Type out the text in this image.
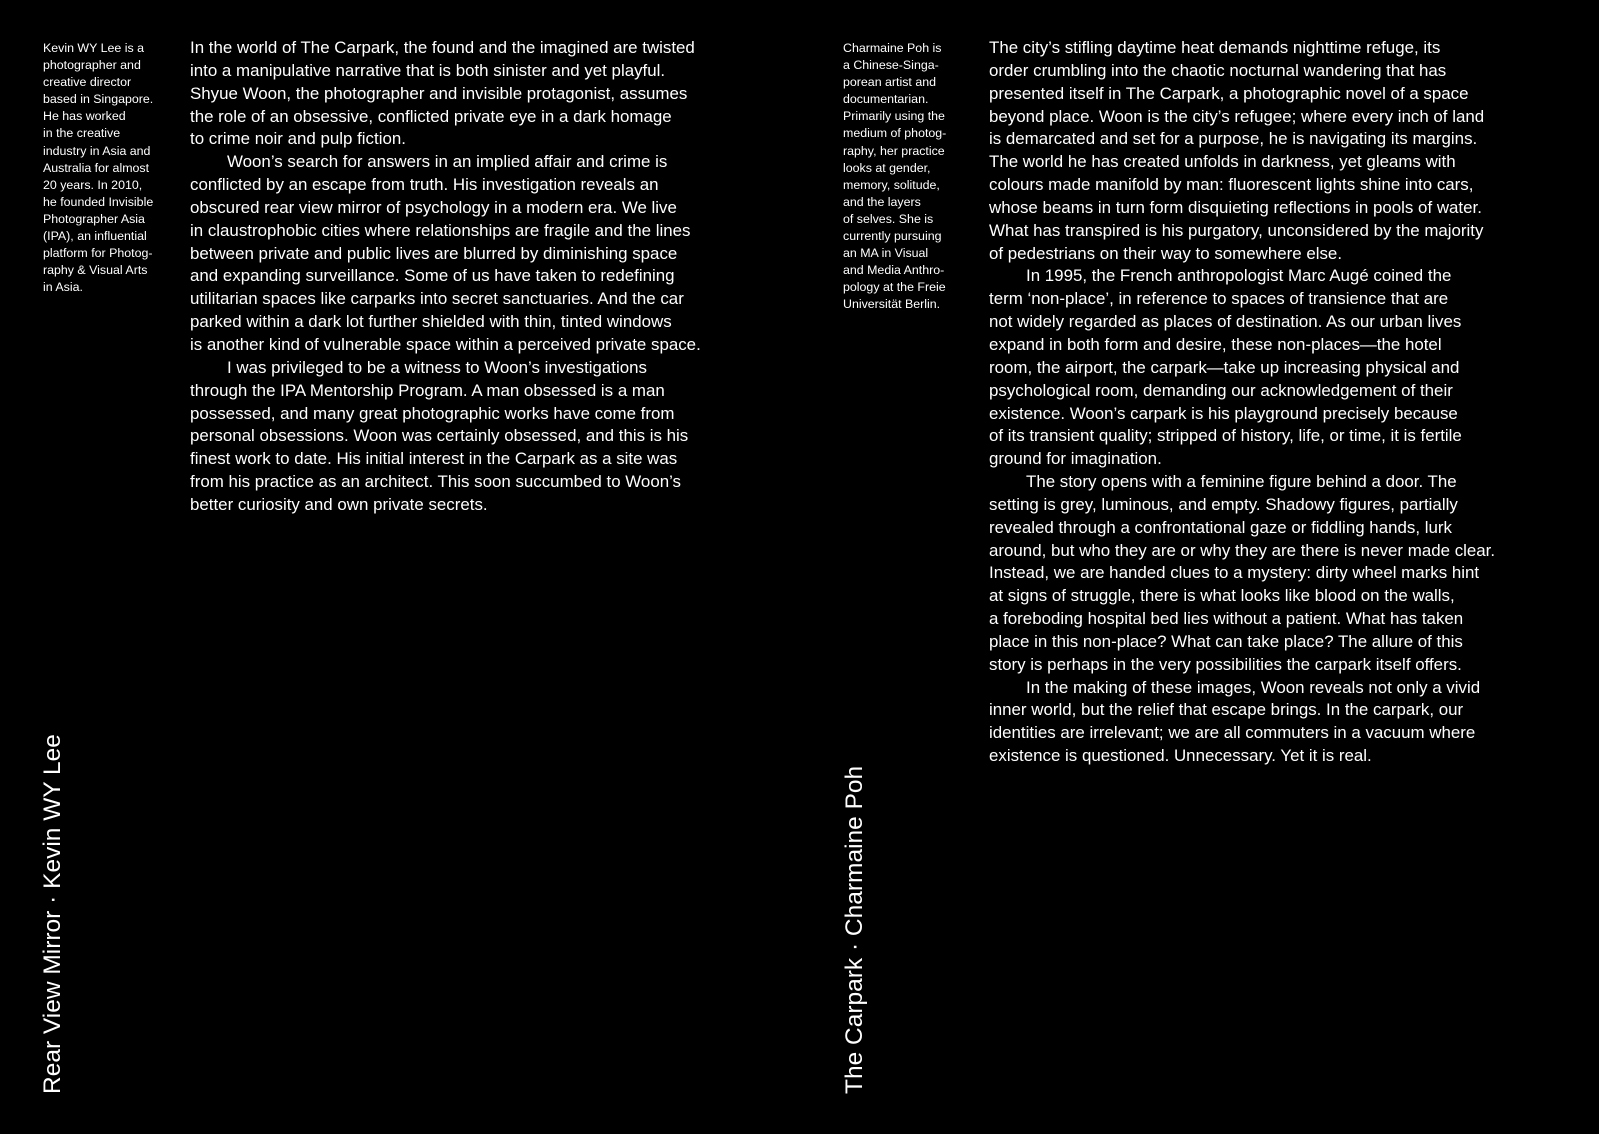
Kevin WY Lee is a
photographer and
creative director
based in Singapore.
He has worked
in the creative
industry in Asia and
Australia for almost
20 years. In 2010,
he founded Invisible
Photographer Asia
(IPA), an influential
platform for Photog-
raphy & Visual Arts
in Asia.
In the world of The Carpark, the found and the imagined are twisted
into a manipulative narrative that is both sinister and yet playful.
Shyue Woon, the photographer and invisible protagonist, assumes
the role of an obsessive, conflicted private eye in a dark homage
to crime noir and pulp fiction.
Woon’s search for answers in an implied affair and crime is
conflicted by an escape from truth. His investigation reveals an
obscured rear view mirror of psychology in a modern era. We live
in claustrophobic cities where relationships are fragile and the lines
between private and public lives are blurred by diminishing space
and expanding surveillance. Some of us have taken to redefining
utilitarian spaces like carparks into secret sanctuaries. And the car
parked within a dark lot further shielded with thin, tinted windows
is another kind of vulnerable space within a perceived private space.
I was privileged to be a witness to Woon’s investigations
through the IPA Mentorship Program. A man obsessed is a man
possessed, and many great photographic works have come from
personal obsessions. Woon was certainly obsessed, and this is his
finest work to date. His initial interest in the Carpark as a site was
from his practice as an architect. This soon succumbed to Woon’s
better curiosity and own private secrets.
Rear View Mirror · Kevin WY Lee
Charmaine Poh is
a Chinese-Singa-
porean artist and
documentarian.
Primarily using the
medium of photog-
raphy, her practice
looks at gender,
memory, solitude,
and the layers
of selves. She is
currently pursuing
an MA in Visual
and Media Anthro-
pology at the Freie
Universität Berlin.
The city’s stifling daytime heat demands nighttime refuge, its
order crumbling into the chaotic nocturnal wandering that has
presented itself in The Carpark, a photographic novel of a space
beyond place. Woon is the city’s refugee; where every inch of land
is demarcated and set for a purpose, he is navigating its margins.
The world he has created unfolds in darkness, yet gleams with
colours made manifold by man: fluorescent lights shine into cars,
whose beams in turn form disquieting reflections in pools of water.
What has transpired is his purgatory, unconsidered by the majority
of pedestrians on their way to somewhere else.
In 1995, the French anthropologist Marc Augé coined the
term ‘non-place’, in reference to spaces of transience that are
not widely regarded as places of destination. As our urban lives
expand in both form and desire, these non-places—the hotel
room, the airport, the carpark—take up increasing physical and
psychological room, demanding our acknowledgement of their
existence. Woon’s carpark is his playground precisely because
of its transient quality; stripped of history, life, or time, it is fertile
ground for imagination.
The story opens with a feminine figure behind a door. The
setting is grey, luminous, and empty. Shadowy figures, partially
revealed through a confrontational gaze or fiddling hands, lurk
around, but who they are or why they are there is never made clear.
Instead, we are handed clues to a mystery: dirty wheel marks hint
at signs of struggle, there is what looks like blood on the walls,
a foreboding hospital bed lies without a patient. What has taken
place in this non-place? What can take place? The allure of this
story is perhaps in the very possibilities the carpark itself offers.
In the making of these images, Woon reveals not only a vivid
inner world, but the relief that escape brings. In the carpark, our
identities are irrelevant; we are all commuters in a vacuum where
existence is questioned. Unnecessary. Yet it is real.
The Carpark · Charmaine Poh
